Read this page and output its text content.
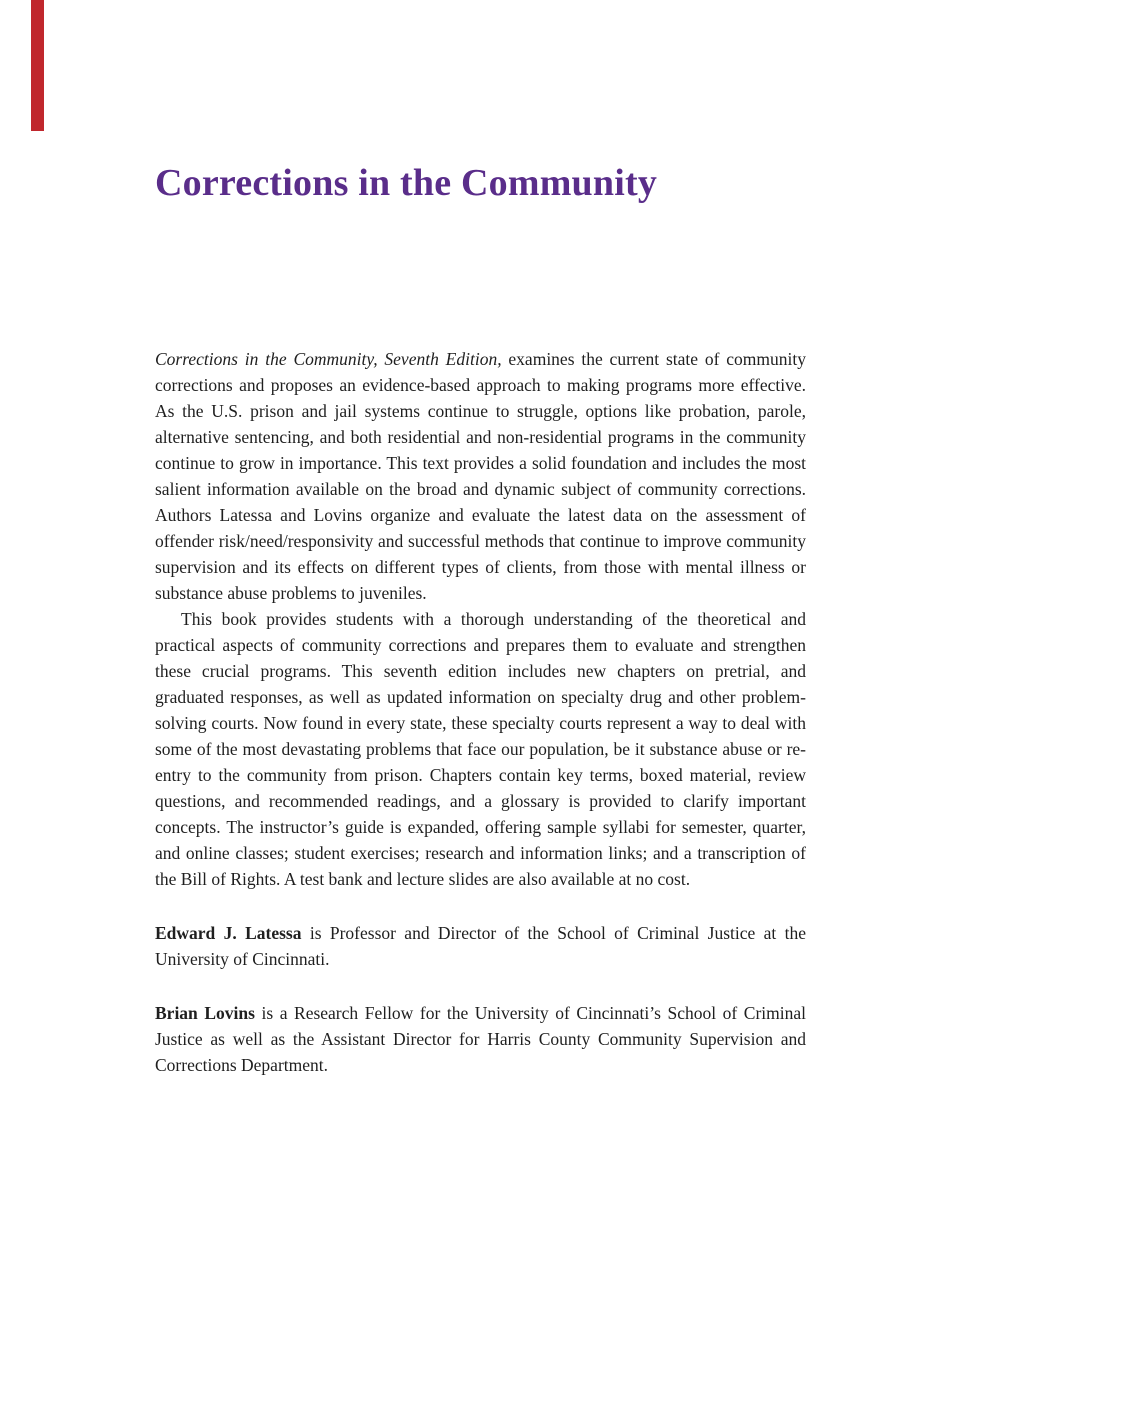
Corrections in the Community

Corrections in the Community, Seventh Edition, examines the current state of community corrections and proposes an evidence-based approach to making programs more effective. As the U.S. prison and jail systems continue to struggle, options like probation, parole, alternative sentencing, and both residential and non-residential programs in the community continue to grow in importance. This text provides a solid foundation and includes the most salient information available on the broad and dynamic subject of community corrections. Authors Latessa and Lovins organize and evaluate the latest data on the assessment of offender risk/need/responsivity and successful methods that continue to improve community supervision and its effects on different types of clients, from those with mental illness or substance abuse problems to juveniles.

This book provides students with a thorough understanding of the theoretical and practical aspects of community corrections and prepares them to evaluate and strengthen these crucial programs. This seventh edition includes new chapters on pretrial, and graduated responses, as well as updated information on specialty drug and other problem-solving courts. Now found in every state, these specialty courts represent a way to deal with some of the most devastating problems that face our population, be it substance abuse or re-entry to the community from prison. Chapters contain key terms, boxed material, review questions, and recommended readings, and a glossary is provided to clarify important concepts. The instructor’s guide is expanded, offering sample syllabi for semester, quarter, and online classes; student exercises; research and information links; and a transcription of the Bill of Rights. A test bank and lecture slides are also available at no cost.

Edward J. Latessa is Professor and Director of the School of Criminal Justice at the University of Cincinnati.

Brian Lovins is a Research Fellow for the University of Cincinnati’s School of Criminal Justice as well as the Assistant Director for Harris County Community Supervision and Corrections Department.
